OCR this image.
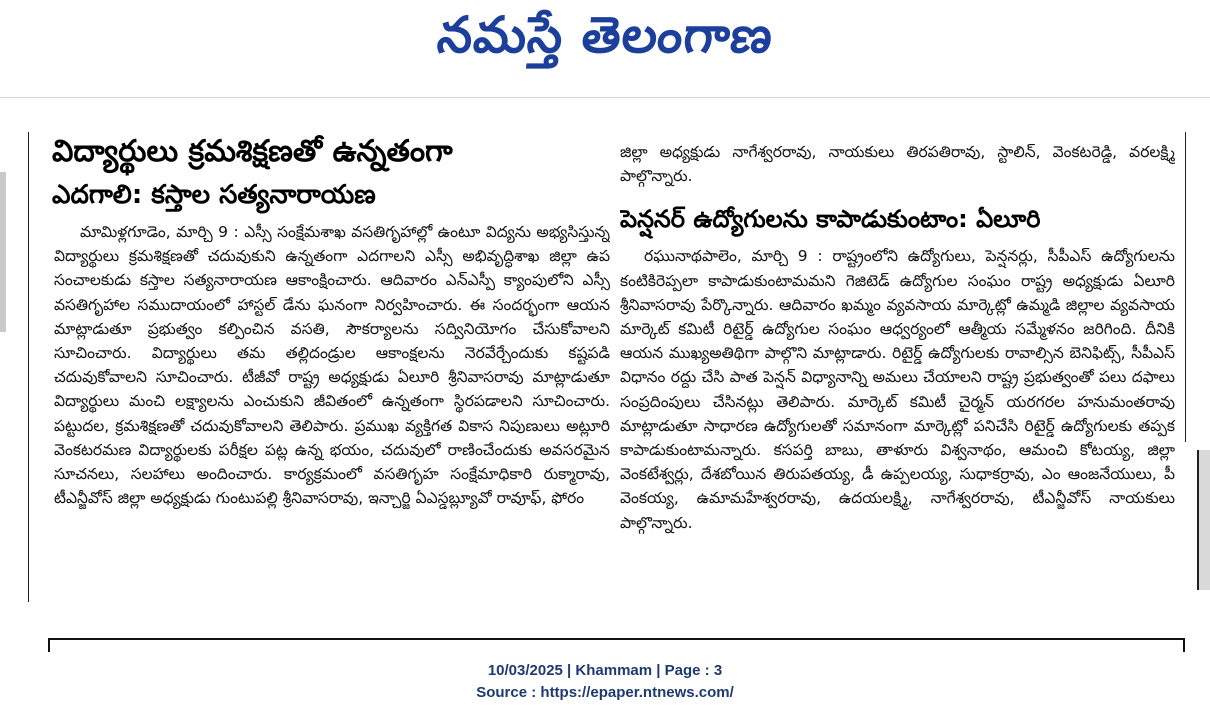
నమస్తే తెలంగాణ
విద్యార్థులు క్రమశిక్షణతో ఉన్నతంగా
ఎదగాలి: కస్తాల సత్యనారాయణ

మామిళ్లగూడెం, మార్చి 9 : ఎస్సీ సంక్షేమశాఖ వసతిగృహాల్లో ఉంటూ విద్యను అభ్యసిస్తున్న విద్యార్థులు క్రమశిక్షణతో చదువుకుని ఉన్నతంగా ఎదగాలని ఎస్సీ అభివృద్ధిశాఖ జిల్లా ఉప సంచాలకుడు కస్తాల సత్యనారాయణ ఆకాంక్షించారు. ఆదివారం ఎన్ఎస్పీ క్యాంపులోని ఎస్సీ వసతిగృహాల సముదాయంలో హాస్టల్ డేను ఘనంగా నిర్వహించారు. ఈ సందర్భంగా ఆయన మాట్లాడుతూ ప్రభుత్వం కల్పించిన వసతి, సౌకర్యాలను సద్వినియోగం చేసుకోవాలని సూచించారు. విద్యార్థులు తమ తల్లిదండ్రుల ఆకాంక్షలను నెరవేర్చేందుకు కష్టపడి చదువుకోవాలని సూచించారు. టీజీవో రాష్ట్ర అధ్యక్షుడు ఏలూరి శ్రీనివాసరావు మాట్లాడుతూ విద్యార్థులు మంచి లక్ష్యాలను ఎంచుకుని జీవితంలో ఉన్నతంగా స్థిరపడాలని సూచించారు. పట్టుదల, క్రమశిక్షణతో చదువుకోవాలని తెలిపారు. ప్రముఖ వ్యక్తిగత వికాస నిపుణులు అట్లూరి వెంకటరమణ విద్యార్థులకు పరీక్షల పట్ల ఉన్న భయం, చదువులో రాణించేందుకు అవసరమైన సూచనలు, సలహాలు అందించారు. కార్యక్రమంలో వసతిగృహ సంక్షేమాధికారి రుక్మారావు, టీఎన్జీవోస్ జిల్లా అధ్యక్షుడు గుంటుపల్లి శ్రీనివాసరావు, ఇన్చార్జి ఏఎస్డబ్ల్యూవో రావూఫ్, ఫోరం

జిల్లా అధ్యక్షుడు నాగేశ్వరరావు, నాయకులు తిరపతిరావు, స్టాలిన్, వెంకటరెడ్డి, వరలక్ష్మి పాల్గొన్నారు.

పెన్షనర్ ఉద్యోగులను కాపాడుకుంటాం: ఏలూరి

రఘునాథపాలెం, మార్చి 9 : రాష్ట్రంలోని ఉద్యోగులు, పెన్షనర్లు, సీపీఎస్ ఉద్యోగులను కంటికిరెప్పలా కాపాడుకుంటామమని గెజిటెడ్ ఉద్యోగుల సంఘం రాష్ట్ర అధ్యక్షుడు ఏలూరి శ్రీనివాసరావు పేర్కొన్నారు. ఆదివారం ఖమ్మం వ్యవసాయ మార్కెట్లో ఉమ్మడి జిల్లాల వ్యవసాయ మార్కెట్ కమిటీ రిటైర్డ్ ఉద్యోగుల సంఘం ఆధ్వర్యంలో ఆత్మీయ సమ్మేళనం జరిగింది. దీనికి ఆయన ముఖ్యఅతిథిగా పాల్గొని మాట్లాడారు. రిటైర్డ్ ఉద్యోగులకు రావాల్సిన బెనిఫిట్స్, సీపీఎస్ విధానం రద్దు చేసి పాత పెన్షన్ విధ్యానాన్ని అమలు చేయాలని రాష్ట్ర ప్రభుత్వంతో పలు దఫాలు సంప్రదింపులు చేసినట్లు తెలిపారు. మార్కెట్ కమిటీ చైర్మన్ యరగరల హనుమంతరావు మాట్లాడుతూ సాధారణ ఉద్యోగులతో సమానంగా మార్కెట్లో పనిచేసి రిటైర్డ్ ఉద్యోగులకు తప్పక కాపాడుకుంటామన్నారు. కసపర్తి బాబు, తాళూరు విశ్వనాథం, ఆమంచి కోటయ్య, జిల్లా వెంకటేశ్వర్లు, దేశబోయిన తిరుపతయ్య, డీ ఉప్పలయ్య, సుధాకర్రావు, ఎం ఆంజనేయులు, పీ వెంకయ్య, ఉమామహేశ్వరరావు, ఉదయలక్ష్మి, నాగేశ్వరరావు, టీఎన్జీవోస్ నాయకులు పాల్గొన్నారు.

10/03/2025 | Khammam | Page : 3
Source : https://epaper.ntnews.com/
